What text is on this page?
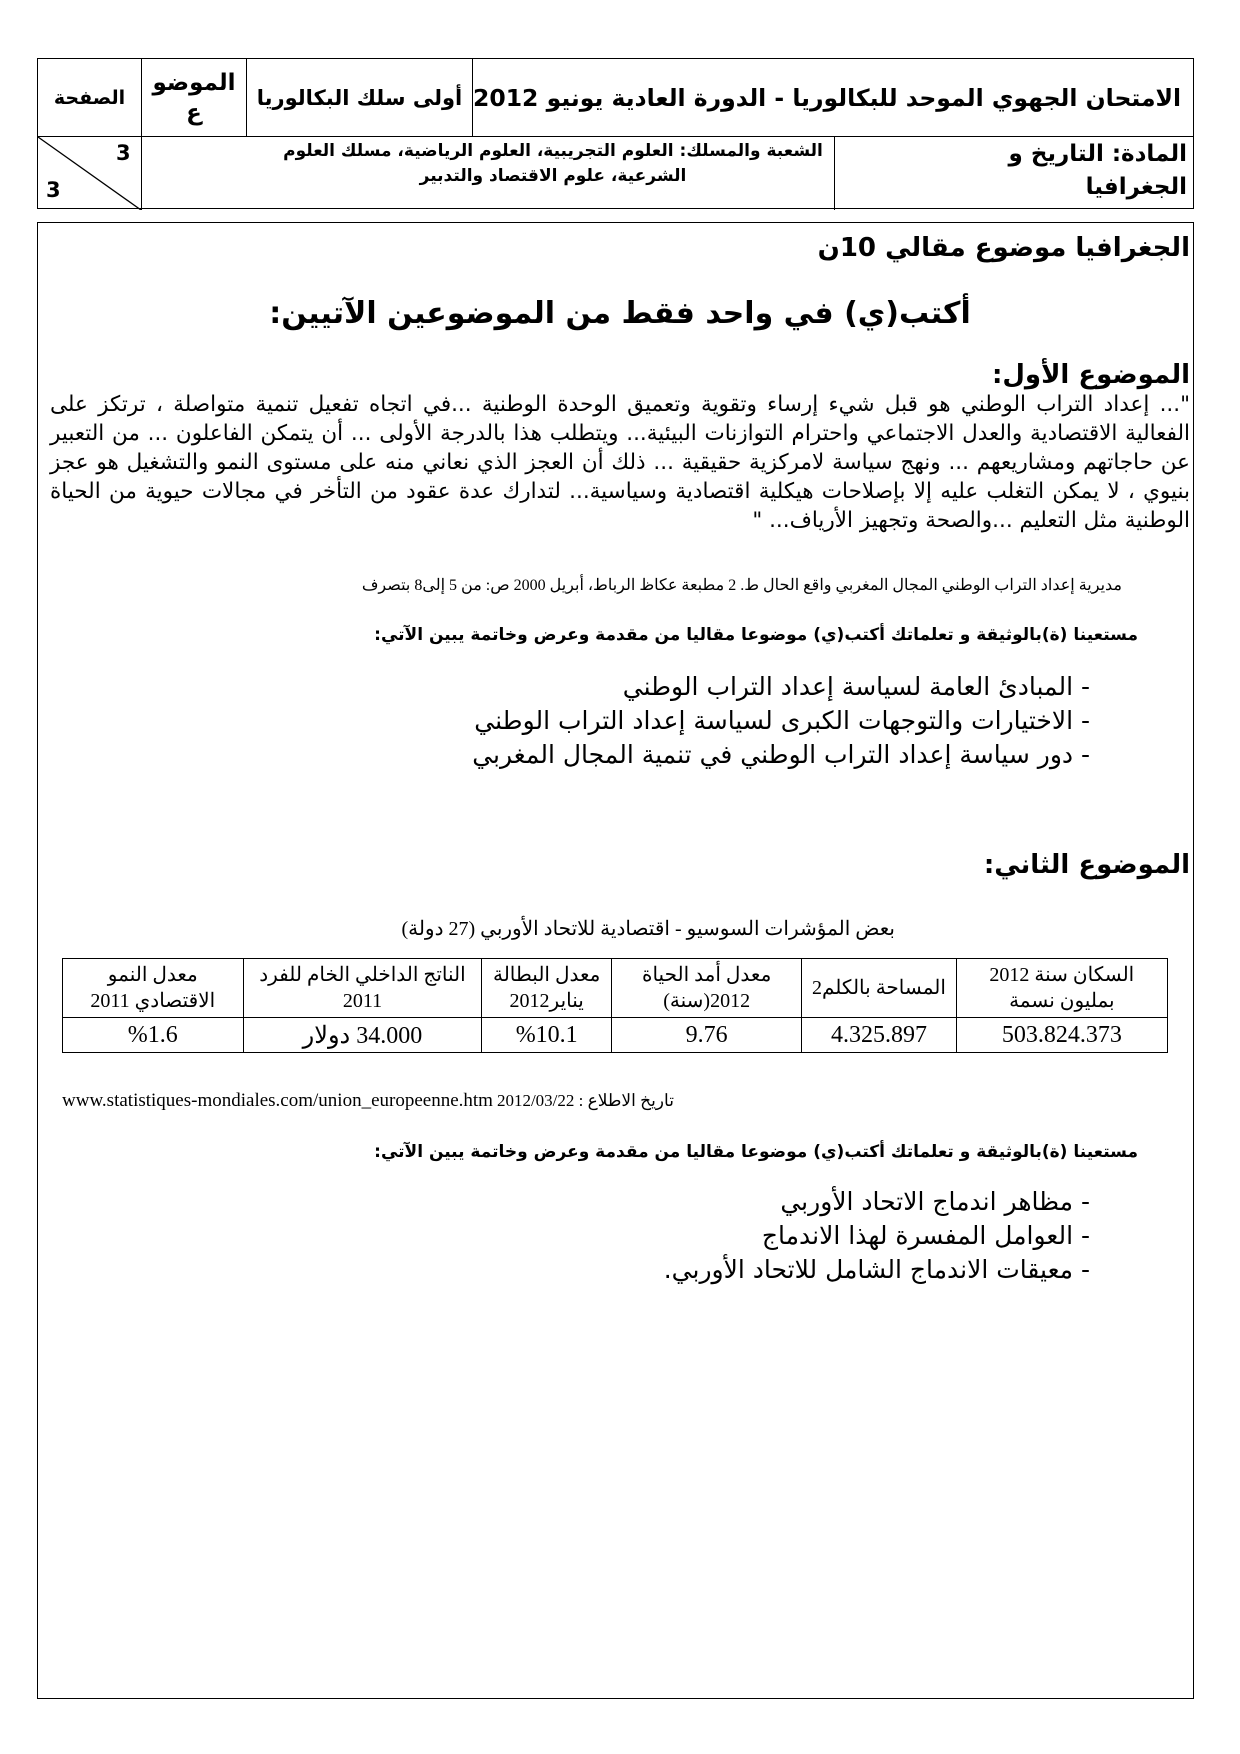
الصفحة
الموضو ع
أولى سلك البكالوريا الامتحان الجهوي الموحد للبكالوريا - الدورة العادية يونيو 2012
3
3
الشعبة والمسلك: العلوم التجريبية، العلوم الرياضية، مسلك العلوم الشرعية، علوم الاقتصاد والتدبير
المادة: التاريخ و الجغرافيا
الجغرافيا موضوع مقالي 10ن
أكتب(ي) في واحد فقط من الموضوعين الآتيين:
الموضوع الأول:
"... إعداد التراب الوطني هو قبل شيء إرساء وتقوية وتعميق الوحدة الوطنية ...في اتجاه تفعيل تنمية متواصلة ، ترتكز على الفعالية الاقتصادية والعدل الاجتماعي واحترام التوازنات البيئية... ويتطلب هذا بالدرجة الأولى ... أن يتمكن الفاعلون ... من التعبير عن حاجاتهم ومشاريعهم ... ونهج سياسة لامركزية حقيقية ... ذلك أن العجز الذي نعاني منه على مستوى النمو والتشغيل هو عجز بنيوي ، لا يمكن التغلب عليه إلا بإصلاحات هيكلية اقتصادية وسياسية... لتدارك عدة عقود من التأخر في مجالات حيوية من الحياة الوطنية مثل التعليم ...والصحة وتجهيز الأرياف... "
مديرية إعداد التراب الوطني المجال المغربي واقع الحال ط. 2 مطبعة عكاظ الرباط، أبريل 2000 ص: من 5 إلى8 بتصرف
مستعينا (ة)بالوثيقة و تعلماتك أكتب(ي) موضوعا مقاليا من مقدمة وعرض وخاتمة يبين الآتي:
- المبادئ العامة لسياسة إعداد التراب الوطني
- الاختيارات والتوجهات الكبرى لسياسة إعداد التراب الوطني
- دور سياسة إعداد التراب الوطني في تنمية المجال المغربي
الموضوع الثاني:
بعض المؤشرات السوسيو - اقتصادية للاتحاد الأوربي (27 دولة)
السكان سنة 2012 بمليون نسمة	المساحة بالكلم2	معدل أمد الحياة 2012(سنة)	معدل البطالة يناير2012	الناتج الداخلي الخام للفرد 2011	معدل النمو الاقتصادي 2011
503.824.373	4.325.897	9.76	%10.1	34.000 دولار	%1.6
www.statistiques-mondiales.com/union_europeenne.htm تاريخ الاطلاع : 2012/03/22
مستعينا (ة)بالوثيقة و تعلماتك أكتب(ي) موضوعا مقاليا من مقدمة وعرض وخاتمة يبين الآتي:
- مظاهر اندماج الاتحاد الأوربي
- العوامل المفسرة لهذا الاندماج
- معيقات الاندماج الشامل للاتحاد الأوربي.
